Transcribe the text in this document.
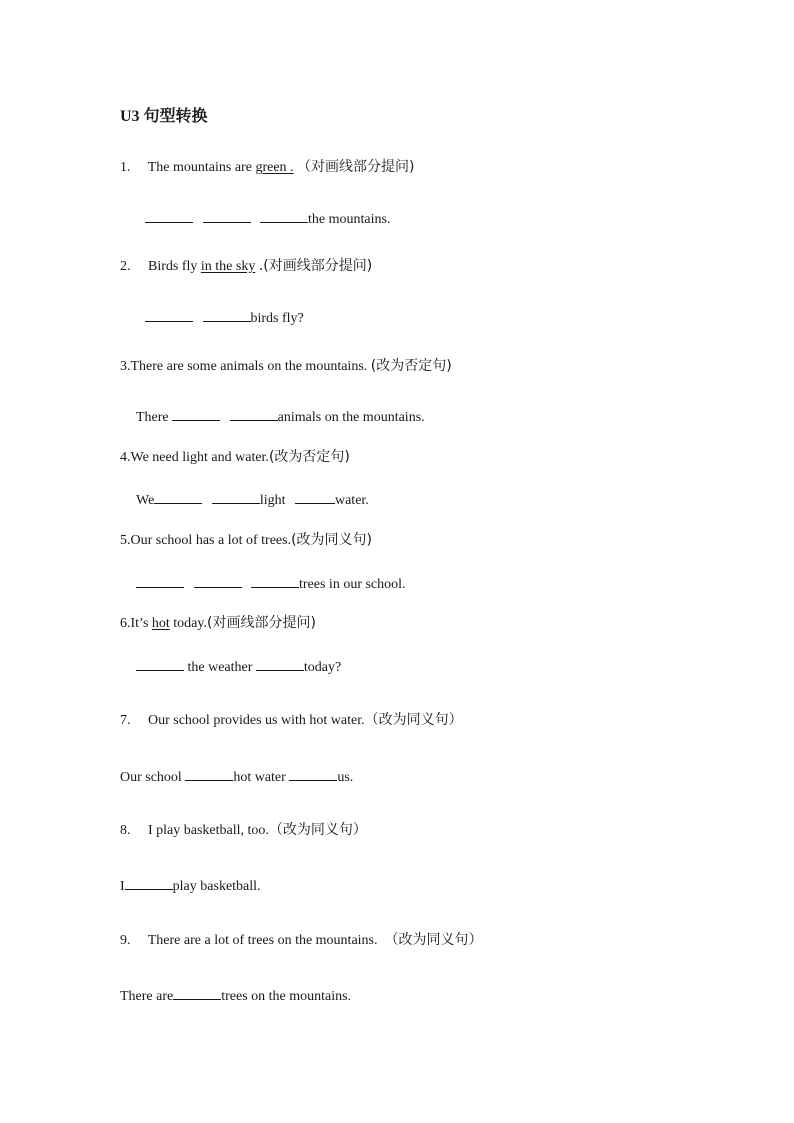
U3 句型转换
1. The mountains are green . （对画线部分提问)
the mountains.
2. Birds fly in the sky .(对画线部分提问)
birds fly?
3.There are some animals on the mountains. (改为否定句)
There	animals on the mountains.
4.We need light and water.(改为否定句)
We	light	water.
5.Our school has a lot of trees.(改为同义句)
trees in our school.
6.It’s hot today.(对画线部分提问)
the weather	today?
7. Our school provides us with hot water.（改为同义句）
Our school	hot water	us.
8. I play basketball, too.（改为同义句）
I	play basketball.
9. There are a lot of trees on the mountains. （改为同义句）
There are	trees on the mountains.
